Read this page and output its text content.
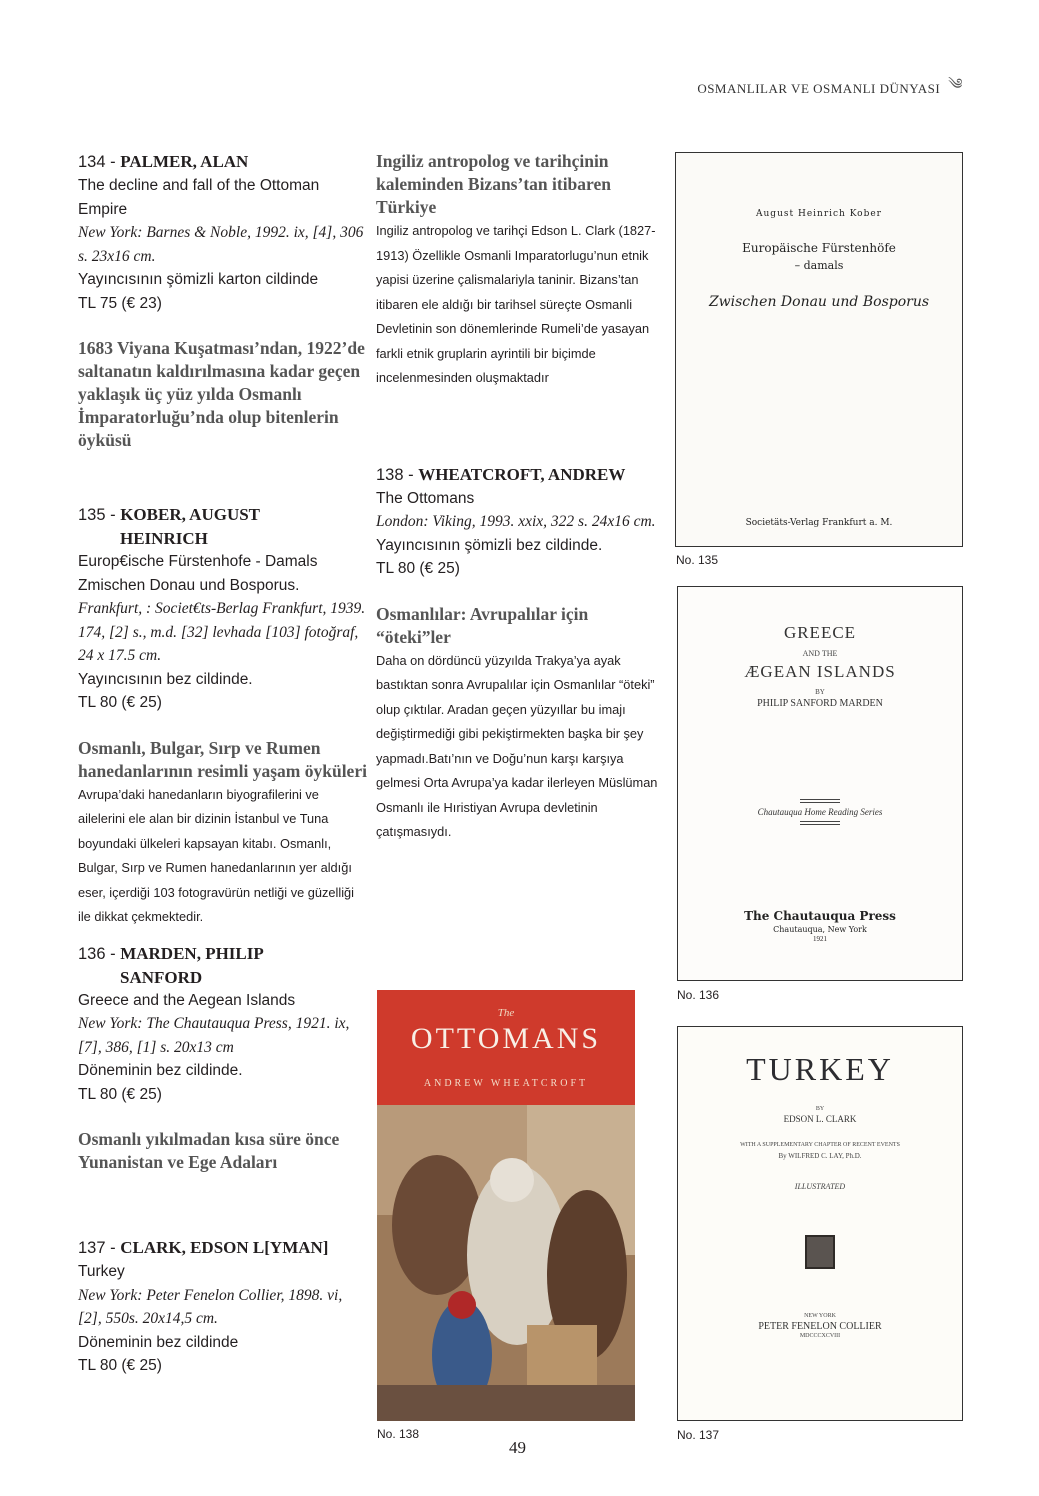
OSMANLILAR VE OSMANLI DÜNYASI ༄
134 - PALMER, ALAN
The decline and fall of the Ottoman Empire
New York: Barnes & Noble, 1992. ix, [4], 306 s. 23x16 cm.
Yayıncısının şömizli karton cildinde
TL 75 (€ 23)
1683 Viyana Kuşatması’ndan, 1922’de saltanatın kaldırılmasına kadar geçen yaklaşık üç yüz yılda Osmanlı İmparatorluğu’nda olup bitenlerin öyküsü
135 - KOBER, AUGUST
HEINRICH
Europ€ische Fürstenhofe - Damals Zmischen Donau und Bosporus.
Frankfurt, : Societ€ts-Berlag Frankfurt, 1939. 174, [2] s., m.d. [32] levhada [103] fotoğraf, 24 x 17.5 cm.
Yayıncısının bez cildinde.
TL 80 (€ 25)
Osmanlı, Bulgar, Sırp ve Rumen hanedanlarının resimli yaşam öyküleri
Avrupa’daki hanedanların biyografilerini ve ailelerini ele alan bir dizinin İstanbul ve Tuna boyundaki ülkeleri kapsayan kitabı. Osmanlı, Bulgar, Sırp ve Rumen hanedanlarının yer aldığı eser, içerdiği 103 fotogravürün netliği ve güzelliği ile dikkat çekmektedir.
136 - MARDEN, PHILIP
SANFORD
Greece and the Aegean Islands
New York: The Chautauqua Press, 1921. ix, [7], 386, [1] s. 20x13 cm
Döneminin bez cildinde.
TL 80 (€ 25)
Osmanlı yıkılmadan kısa süre önce Yunanistan ve Ege Adaları
137 - CLARK, EDSON L[YMAN]
Turkey
New York: Peter Fenelon Collier, 1898. vi, [2], 550s. 20x14,5 cm.
Döneminin bez cildinde
TL 80 (€ 25)
Ingiliz antropolog ve tarihçinin kaleminden Bizans’tan itibaren Türkiye
Ingiliz antropolog ve tarihçi Edson L. Clark (1827-1913) Özellikle Osmanli Imparatorlugu’nun etnik yapisi üzerine çalismalariyla taninir. Bizans’tan itibaren ele aldığı bir tarihsel süreçte Osmanli Devletinin son dönemlerinde Rumeli’de yasayan farkli etnik gruplarin ayrintili bir biçimde incelenmesinden oluşmaktadır
138 - WHEATCROFT, ANDREW
The Ottomans
London: Viking, 1993. xxix, 322 s. 24x16 cm.
Yayıncısının şömizli bez cildinde.
TL 80 (€ 25)
Osmanlılar: Avrupalılar için “öteki”ler
Daha on dördüncü yüzyılda Trakya’ya ayak bastıktan sonra Avrupalılar için Osmanlılar “öteki” olup çıktılar. Aradan geçen yüzyıllar bu imajı değiştirmediği gibi pekiştirmekten başka bir şey yapmadı.Batı’nın ve Doğu’nun karşı karşıya gelmesi Orta Avrupa’ya kadar ilerleyen Müslüman Osmanlı ile Hıristiyan Avrupa devletinin çatışmasıydı.
August Heinrich Kober
Europäische Fürstenhöfe
– damals
Zwischen Donau und Bosporus
Societäts-Verlag Frankfurt a. M.
No. 135
GREECE
AND THE
ÆGEAN ISLANDS
BY
PHILIP SANFORD MARDEN
Chautauqua Home Reading Series
The Chautauqua Press
Chautauqua, New York
1921
No. 136
TURKEY
BY
EDSON L. CLARK
WITH A SUPPLEMENTARY CHAPTER OF RECENT EVENTS
By WILFRED C. LAY, Ph.D.
ILLUSTRATED
NEW YORK
PETER FENELON COLLIER
MDCCCXCVIII
No. 137
The
OTTOMANS
ANDREW WHEATCROFT
No. 138
49
